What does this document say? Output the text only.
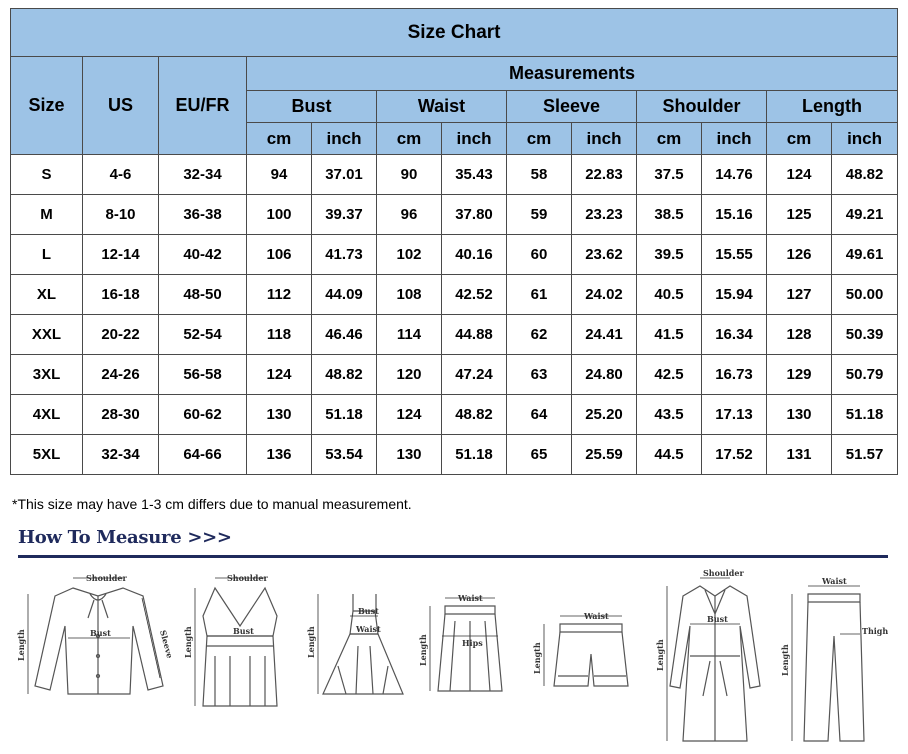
Size Chart												
Size	US	EU/FR	Measurements									
			Bust		Waist		Sleeve		Shoulder		Length	
			cm	inch	cm	inch	cm	inch	cm	inch	cm	inch
S	4-6	32-34	94	37.01	90	35.43	58	22.83	37.5	14.76	124	48.82
M	8-10	36-38	100	39.37	96	37.80	59	23.23	38.5	15.16	125	49.21
L	12-14	40-42	106	41.73	102	40.16	60	23.62	39.5	15.55	126	49.61
XL	16-18	48-50	112	44.09	108	42.52	61	24.02	40.5	15.94	127	50.00
XXL	20-22	52-54	118	46.46	114	44.88	62	24.41	41.5	16.34	128	50.39
3XL	24-26	56-58	124	48.82	120	47.24	63	24.80	42.5	16.73	129	50.79
4XL	28-30	60-62	130	51.18	124	48.82	64	25.20	43.5	17.13	130	51.18
5XL	32-34	64-66	136	53.54	130	51.18	65	25.59	44.5	17.52	131	51.57
*This size may have 1-3 cm differs due to manual measurement.
How To Measure >>>
Shoulder
Bust
Length	Sleeve
Shoulder
Bust
Length
Bust
Waist
Length
Waist
Hips
Length
Waist
Length
Shoulder
Bust
Length
Waist
Thigh
Length
